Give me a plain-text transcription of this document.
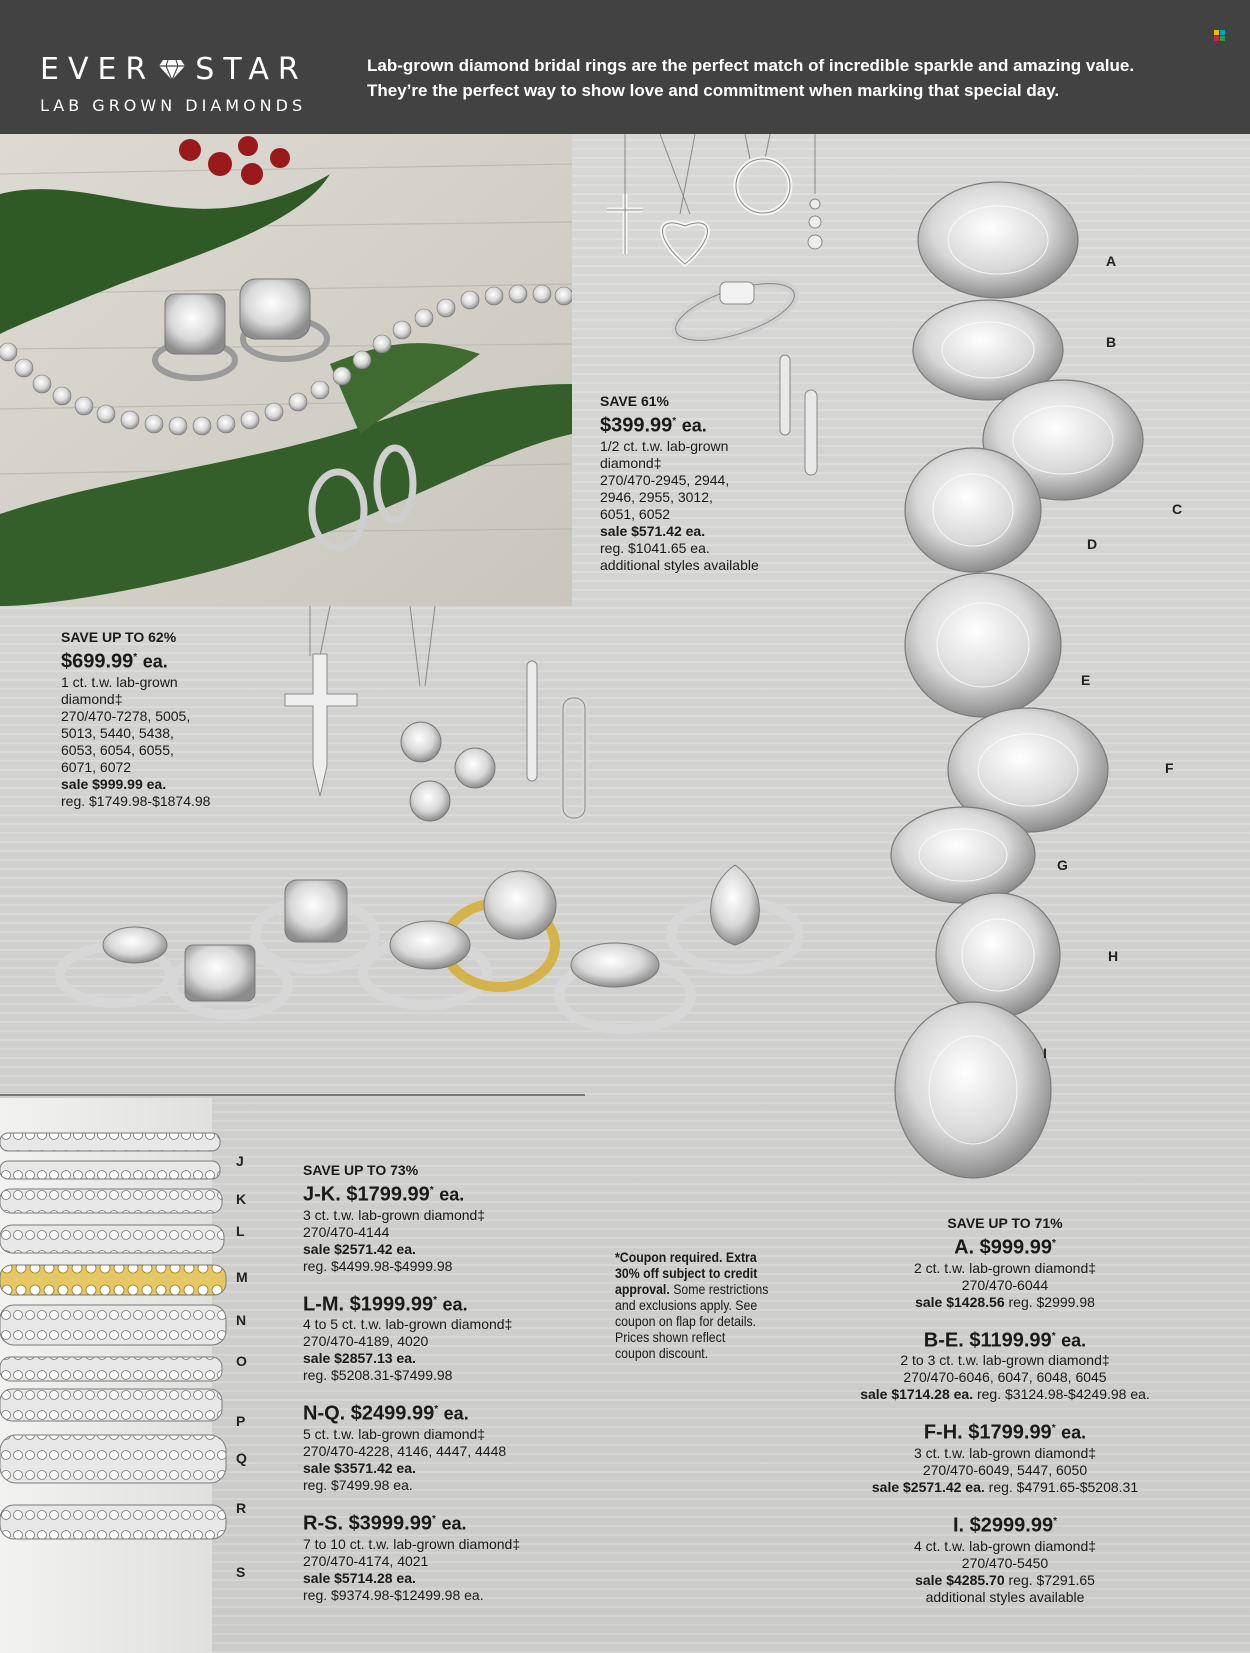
EVER STAR
LAB GROWN DIAMONDS
Lab-grown diamond bridal rings are the perfect match of incredible sparkle and amazing value.
They’re the perfect way to show love and commitment when marking that special day.
A
B
C
D
E
F
G
H
I
SAVE 61%
$399.99* ea.
1/2 ct. t.w. lab-grown
diamond‡
270/470-2945, 2944,
2946, 2955, 3012,
6051, 6052
sale $571.42 ea.
reg. $1041.65 ea.
additional styles available
SAVE UP TO 62%
$699.99* ea.
1 ct. t.w. lab-grown
diamond‡
270/470-7278, 5005,
5013, 5440, 5438,
6053, 6054, 6055,
6071, 6072
sale $999.99 ea.
reg. $1749.98-$1874.98
J
K
L
M
N
O
P
Q
R
S
SAVE UP TO 73%
J-K. $1799.99* ea.
3 ct. t.w. lab-grown diamond‡
270/470-4144
sale $2571.42 ea.
reg. $4499.98-$4999.98
L-M. $1999.99* ea.
4 to 5 ct. t.w. lab-grown diamond‡
270/470-4189, 4020
sale $2857.13 ea.
reg. $5208.31-$7499.98
N-Q. $2499.99* ea.
5 ct. t.w. lab-grown diamond‡
270/470-4228, 4146, 4447, 4448
sale $3571.42 ea.
reg. $7499.98 ea.
R-S. $3999.99* ea.
7 to 10 ct. t.w. lab-grown diamond‡
270/470-4174, 4021
sale $5714.28 ea.
reg. $9374.98-$12499.98 ea.
*Coupon required. Extra
30% off subject to credit
approval. Some restrictions
and exclusions apply. See
coupon on flap for details.
Prices shown reflect
coupon discount.
SAVE UP TO 71%
A. $999.99*
2 ct. t.w. lab-grown diamond‡
270/470-6044
sale $1428.56 reg. $2999.98
B-E. $1199.99* ea.
2 to 3 ct. t.w. lab-grown diamond‡
270/470-6046, 6047, 6048, 6045
sale $1714.28 ea. reg. $3124.98-$4249.98 ea.
F-H. $1799.99* ea.
3 ct. t.w. lab-grown diamond‡
270/470-6049, 5447, 6050
sale $2571.42 ea. reg. $4791.65-$5208.31
I. $2999.99*
4 ct. t.w. lab-grown diamond‡
270/470-5450
sale $4285.70 reg. $7291.65
additional styles available
